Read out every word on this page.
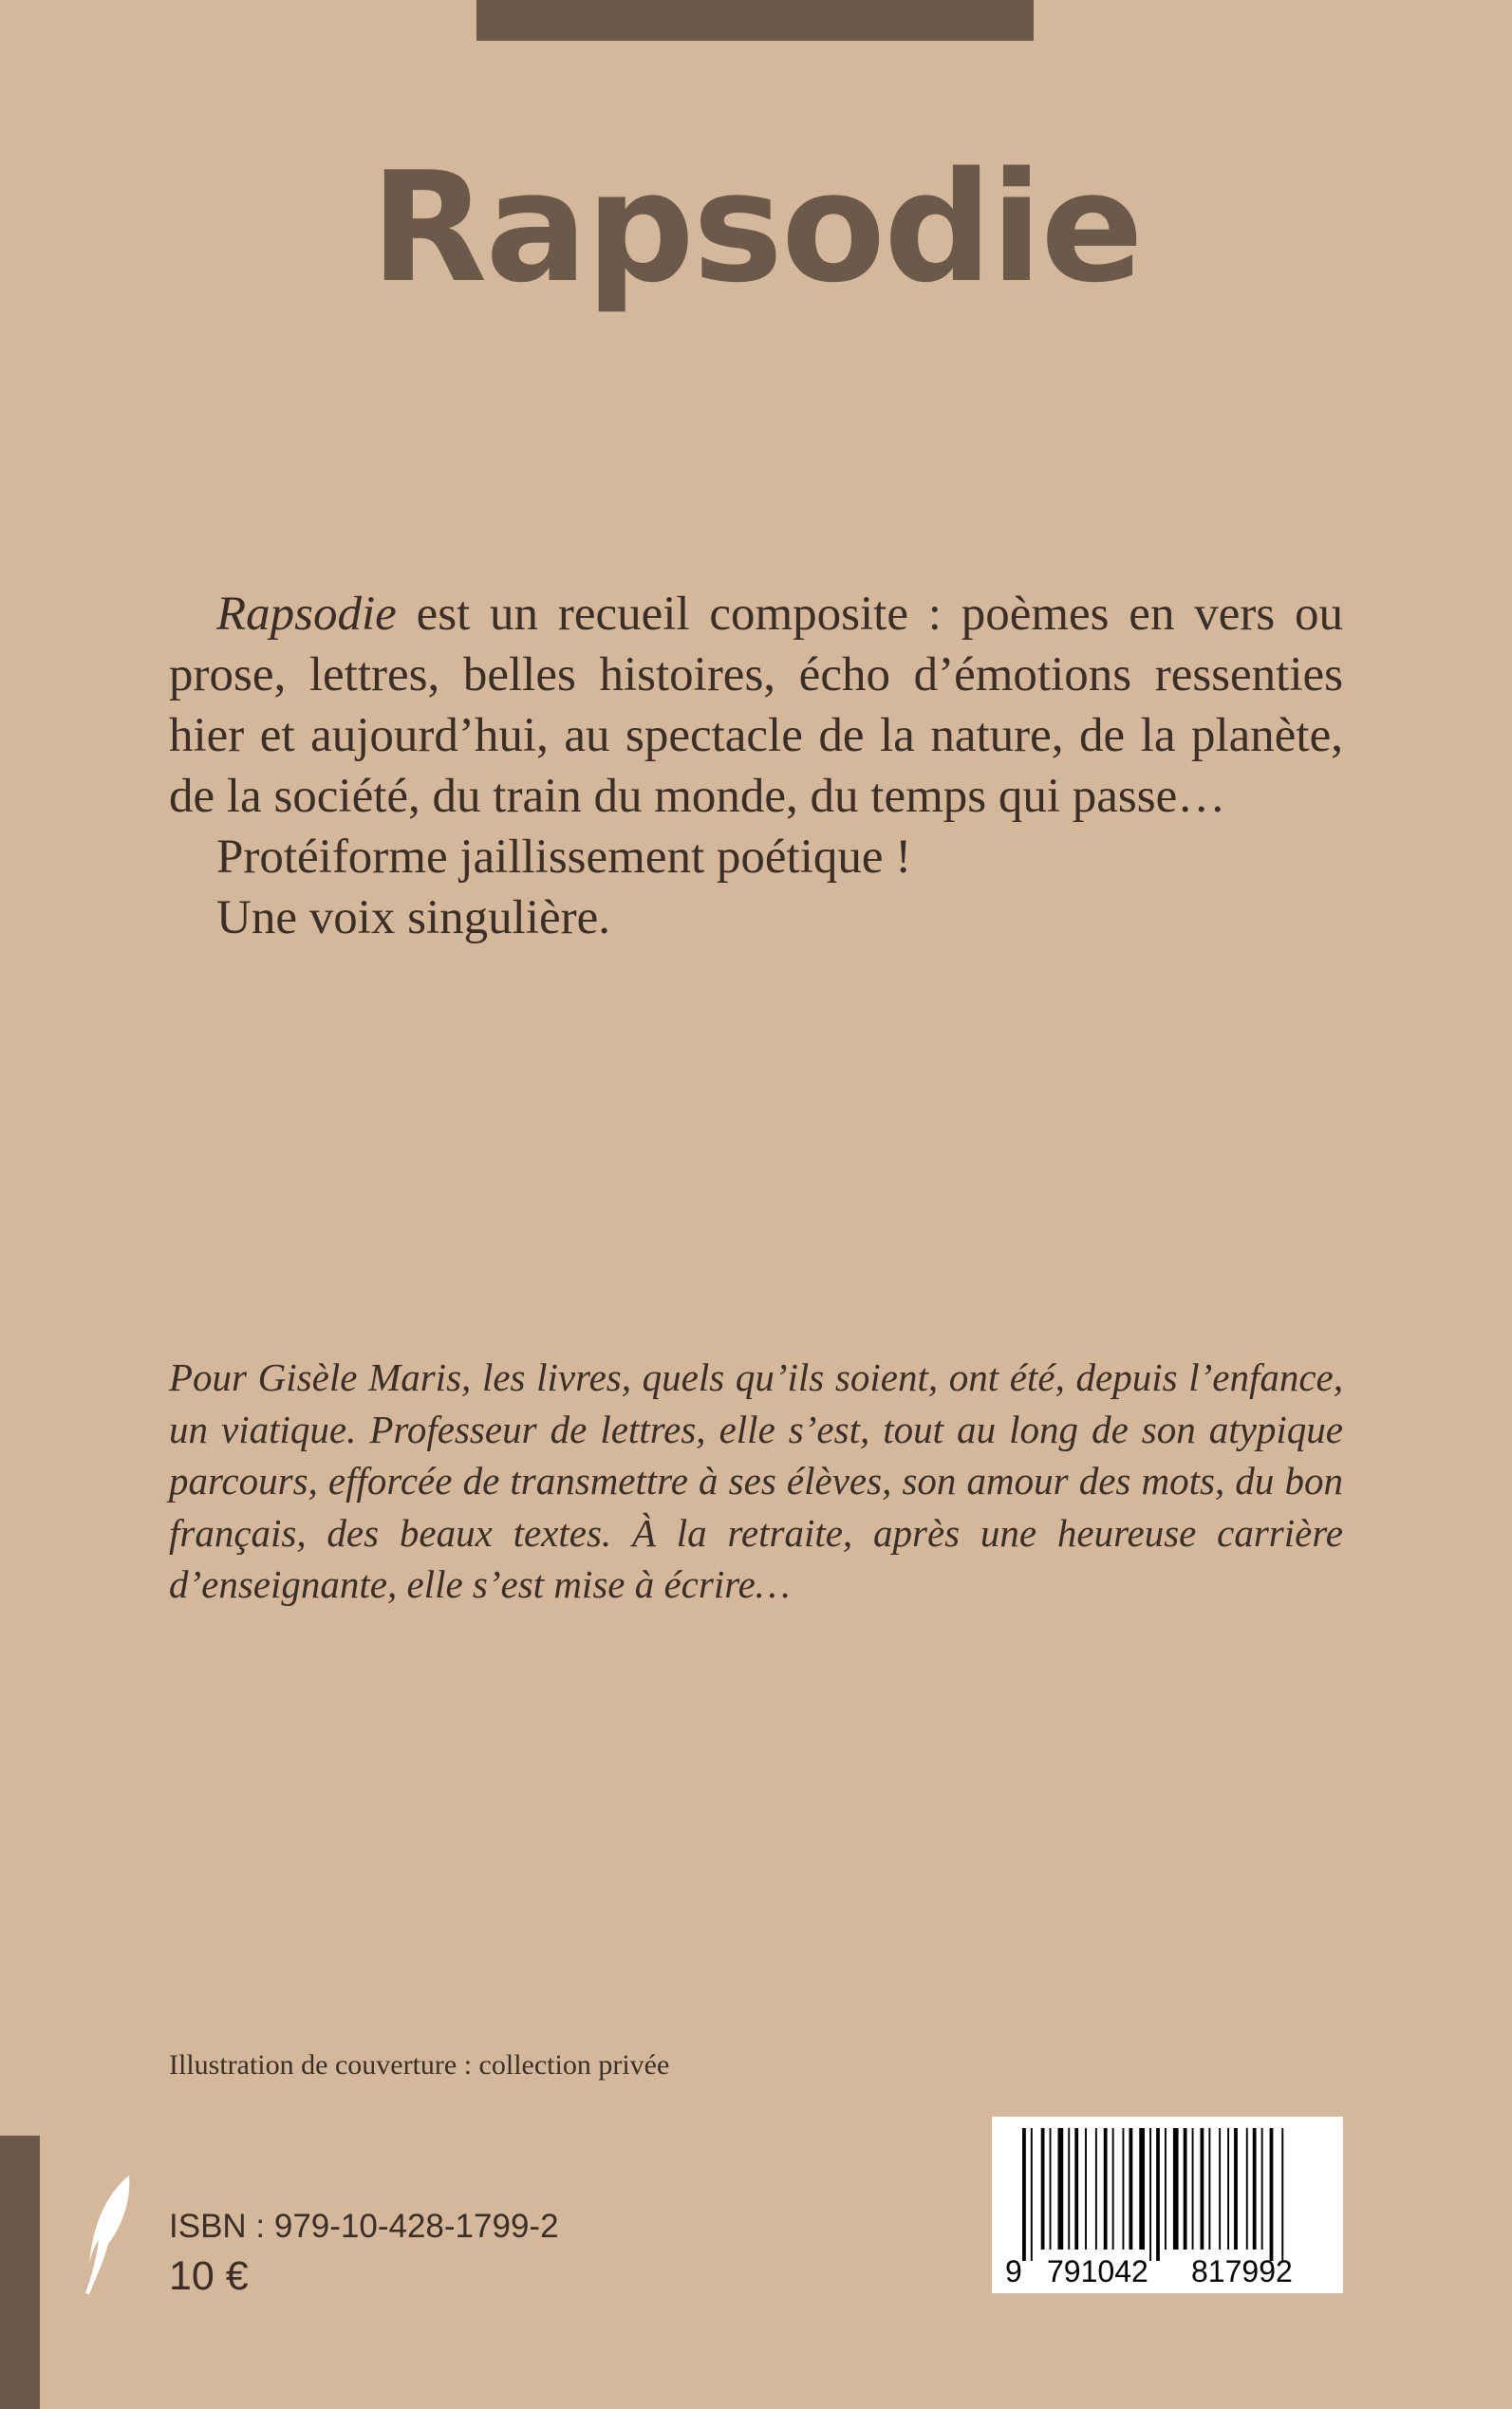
Rapsodie

Rapsodie est un recueil composite : poèmes en vers ou prose, lettres, belles histoires, écho d’émotions ressenties hier et aujourd’hui, au spectacle de la nature, de la planète, de la société, du train du monde, du temps qui passe…

Protéiforme jaillissement poétique !

Une voix singulière.

Pour Gisèle Maris, les livres, quels qu’ils soient, ont été, depuis l’enfance, un viatique. Professeur de lettres, elle s’est, tout au long de son atypique parcours, efforcée de transmettre à ses élèves, son amour des mots, du bon français, des beaux textes. À la retraite, après une heureuse carrière d’enseignante, elle s’est mise à écrire…

Illustration de couverture : collection privée
ISBN : 979-10-428-1799-2
10 €	9 791042 817992
